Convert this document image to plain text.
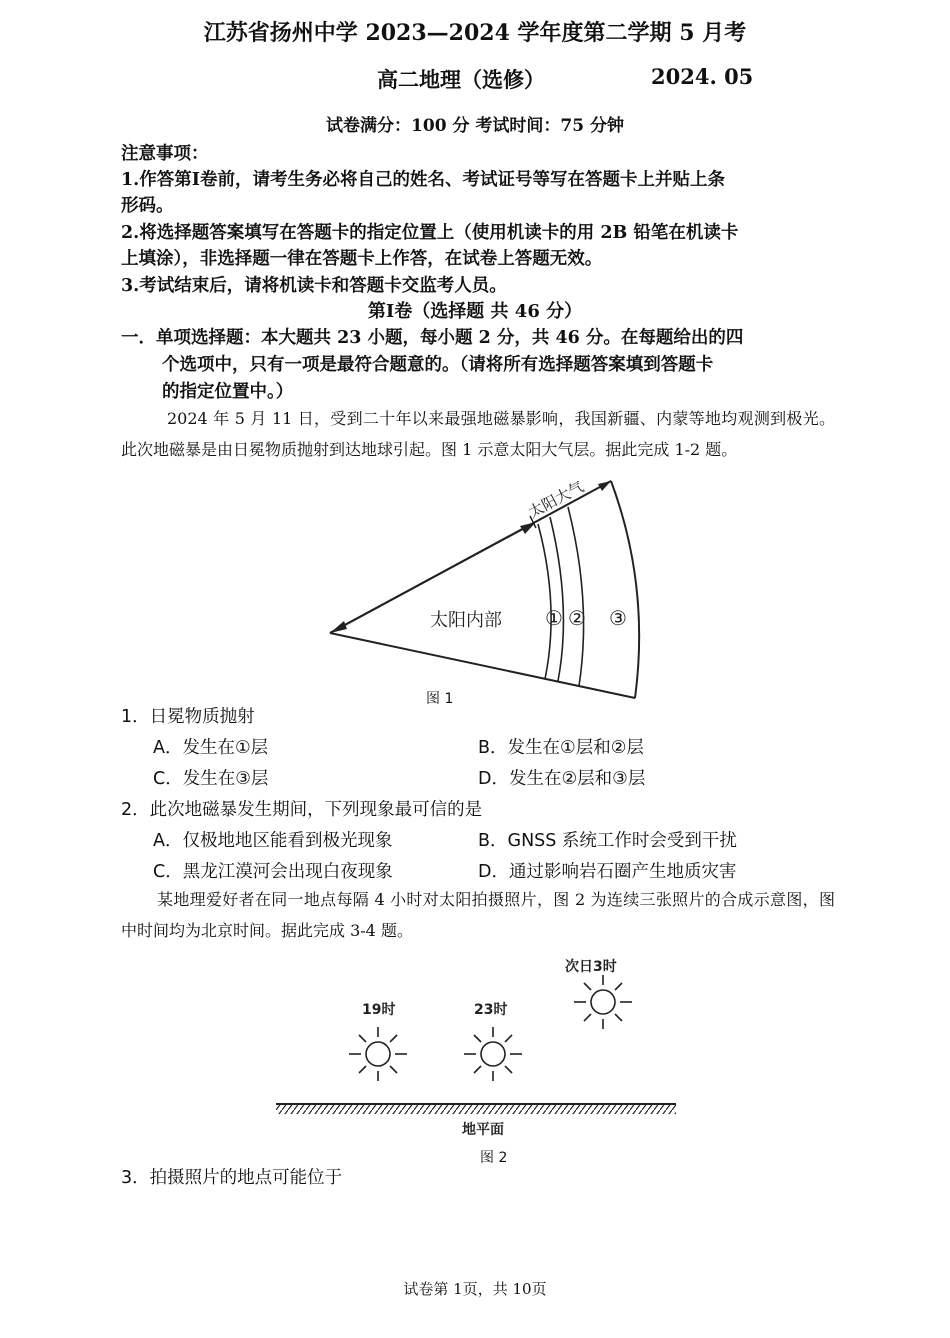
江苏省扬州中学 2023—2024 学年度第二学期 5 月考
高二地理（选修）	2024. 05
试卷满分：100 分 考试时间：75 分钟
注意事项：
1.作答第I卷前，请考生务必将自己的姓名、考试证号等写在答题卡上并贴上条
形码。
2.将选择题答案填写在答题卡的指定位置上（使用机读卡的用 2B 铅笔在机读卡
上填涂），非选择题一律在答题卡上作答，在试卷上答题无效。
3.考试结束后，请将机读卡和答题卡交监考人员。
第I卷（选择题 共 46 分）
一．单项选择题：本大题共 23 小题，每小题 2 分，共 46 分。在每题给出的四
个选项中，只有一项是最符合题意的。（请将所有选择题答案填到答题卡
的指定位置中。）
2024 年 5 月 11 日，受到二十年以来最强地磁暴影响，我国新疆、内蒙等地均观测到极光。此次地磁暴是由日冕物质抛射到达地球引起。图 1 示意太阳大气层。据此完成 1-2 题。
太阳大气
太阳内部 ① ② ③
图 1
1．日冕物质抛射
A．发生在①层	B．发生在①层和②层
C．发生在③层	D．发生在②层和③层
2．此次地磁暴发生期间，下列现象最可信的是
A．仅极地地区能看到极光现象	B．GNSS 系统工作时会受到干扰
C．黑龙江漠河会出现白夜现象	D．通过影响岩石圈产生地质灾害
某地理爱好者在同一地点每隔 4 小时对太阳拍摄照片，图 2 为连续三张照片的合成示意图，图中时间均为北京时间。据此完成 3-4 题。
次日3时
19时	23时
地平面
图 2
3．拍摄照片的地点可能位于
试卷第 1页，共 10页
